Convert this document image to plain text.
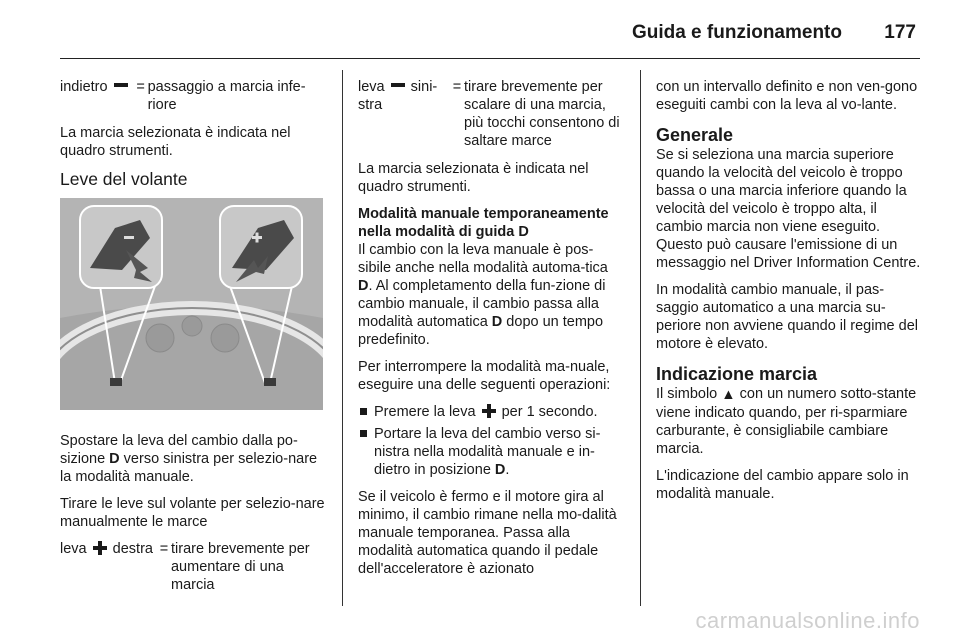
Guida e funzionamento 177
indietro	= passaggio a marcia infe-riore

La marcia selezionata è indicata nel quadro strumenti.

Leve del volante

Spostare la leva del cambio dalla po-sizione D verso sinistra per selezio-nare la modalità manuale.

Tirare le leve sul volante per selezio-nare manualmente le marce

leva destra = tirare brevemente per aumentare di una marcia
leva sini-stra
= tirare brevemente per scalare di una marcia, più tocchi consentono di saltare marce

La marcia selezionata è indicata nel quadro strumenti.

Modalità manuale temporaneamente nella modalità di guida D

Il cambio con la leva manuale è pos-sibile anche nella modalità automa-tica D. Al completamento della fun-zione di cambio manuale, il cambio passa alla modalità automatica D dopo un tempo predefinito.

Per interrompere la modalità ma-nuale, eseguire una delle seguenti operazioni:

Premere la leva  per 1 secondo.
Portare la leva del cambio verso si-nistra nella modalità manuale e in-dietro in posizione D.

Se il veicolo è fermo e il motore gira al minimo, il cambio rimane nella mo-dalità manuale temporanea. Passa alla modalità automatica quando il pedale dell'acceleratore è azionato

con un intervallo definito e non ven-gono eseguiti cambi con la leva al vo-lante.

Generale

Se si seleziona una marcia superiore quando la velocità del veicolo è troppo bassa o una marcia inferiore quando la velocità del veicolo è troppo alta, il cambio marcia non viene eseguito. Questo può causare l'emissione di un messaggio nel Driver Information Centre.

In modalità cambio manuale, il pas-saggio automatico a una marcia su-periore non avviene quando il regime del motore è elevato.

Indicazione marcia

Il simbolo ▲ con un numero sotto-stante viene indicato quando, per ri-sparmiare carburante, è consigliabile cambiare marcia.

L'indicazione del cambio appare solo in modalità manuale.

carmanualsonline.info
